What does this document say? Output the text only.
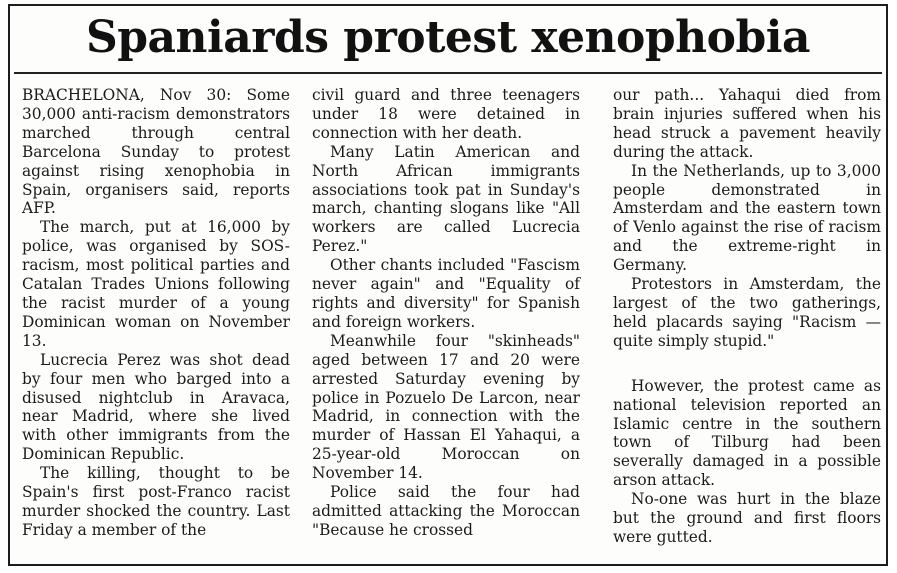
Spaniards protest xenophobia

BRACHELONA, Nov 30: Some 30,000 anti-racism demonstrators marched through central Barcelona Sunday to protest against rising xenophobia in Spain, organisers said, reports AFP.

The march, put at 16,000 by police, was organised by SOS-racism, most political parties and Catalan Trades Unions following the racist murder of a young Dominican woman on November 13.

Lucrecia Perez was shot dead by four men who barged into a disused nightclub in Aravaca, near Madrid, where she lived with other immigrants from the Dominican Republic.

The killing, thought to be Spain's first post-Franco racist murder shocked the country. Last Friday a member of the

civil guard and three teenagers under 18 were detained in connection with her death.

Many Latin American and North African immigrants associations took pat in Sunday's march, chanting slogans like "All workers are called Lucrecia Perez."

Other chants included "Fascism never again" and "Equality of rights and diversity" for Spanish and foreign workers.

Meanwhile four "skinheads" aged between 17 and 20 were arrested Saturday evening by police in Pozuelo De Larcon, near Madrid, in connection with the murder of Hassan El Yahaqui, a 25-year-old Moroccan on November 14.

Police said the four had admitted attacking the Moroccan "Because he crossed

our path... Yahaqui died from brain injuries suffered when his head struck a pavement heavily during the attack.

In the Netherlands, up to 3,000 people demonstrated in Amsterdam and the eastern town of Venlo against the rise of racism and the extreme-right in Germany.

Protestors in Amsterdam, the largest of the two gatherings, held placards saying "Racism — quite simply stupid."

However, the protest came as national television reported an Islamic centre in the southern town of Tilburg had been severally damaged in a possible arson attack.

No-one was hurt in the blaze but the ground and first floors were gutted.
